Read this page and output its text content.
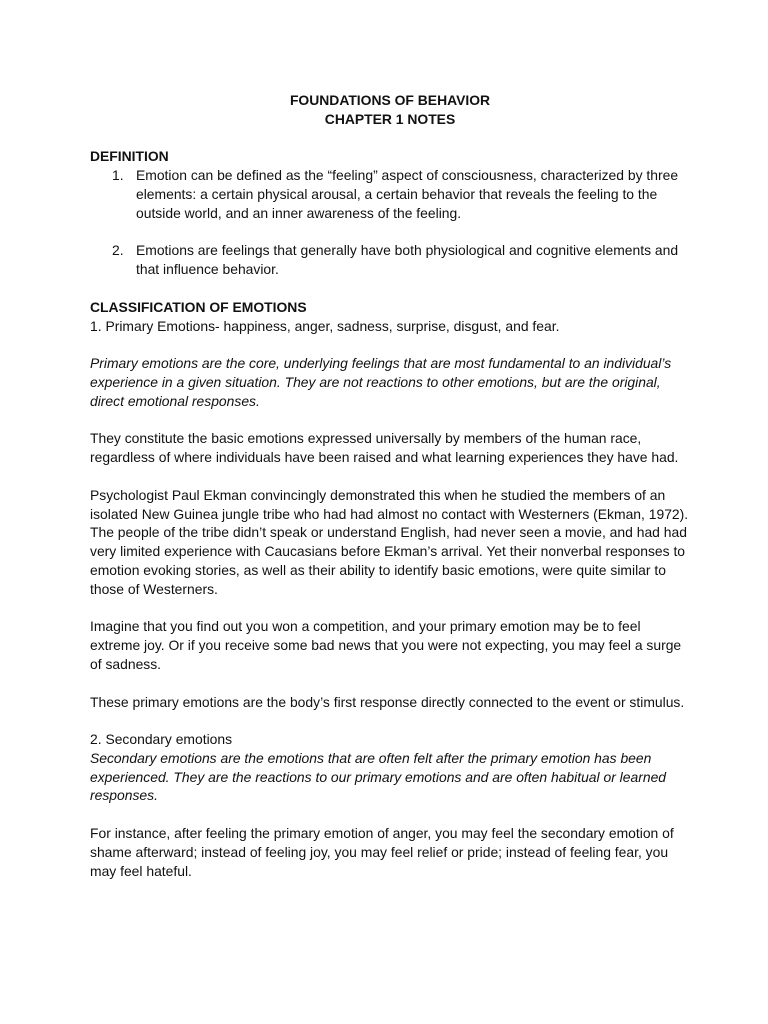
FOUNDATIONS OF BEHAVIOR
CHAPTER 1 NOTES
DEFINITION
1. Emotion can be defined as the “feeling” aspect of consciousness, characterized by three elements: a certain physical arousal, a certain behavior that reveals the feeling to the outside world, and an inner awareness of the feeling.
2. Emotions are feelings that generally have both physiological and cognitive elements and that influence behavior.
CLASSIFICATION OF EMOTIONS

1. Primary Emotions- happiness, anger, sadness, surprise, disgust, and fear.

Primary emotions are the core, underlying feelings that are most fundamental to an individual’s experience in a given situation. They are not reactions to other emotions, but are the original, direct emotional responses.

They constitute the basic emotions expressed universally by members of the human race, regardless of where individuals have been raised and what learning experiences they have had.

Psychologist Paul Ekman convincingly demonstrated this when he studied the members of an isolated New Guinea jungle tribe who had had almost no contact with Westerners (Ekman, 1972). The people of the tribe didn’t speak or understand English, had never seen a movie, and had had very limited experience with Caucasians before Ekman’s arrival. Yet their nonverbal responses to emotion evoking stories, as well as their ability to identify basic emotions, were quite similar to those of Westerners.

Imagine that you find out you won a competition, and your primary emotion may be to feel extreme joy. Or if you receive some bad news that you were not expecting, you may feel a surge of sadness.

These primary emotions are the body’s first response directly connected to the event or stimulus.

2. Secondary emotions

Secondary emotions are the emotions that are often felt after the primary emotion has been experienced. They are the reactions to our primary emotions and are often habitual or learned responses.

For instance, after feeling the primary emotion of anger, you may feel the secondary emotion of shame afterward; instead of feeling joy, you may feel relief or pride; instead of feeling fear, you may feel hateful.
